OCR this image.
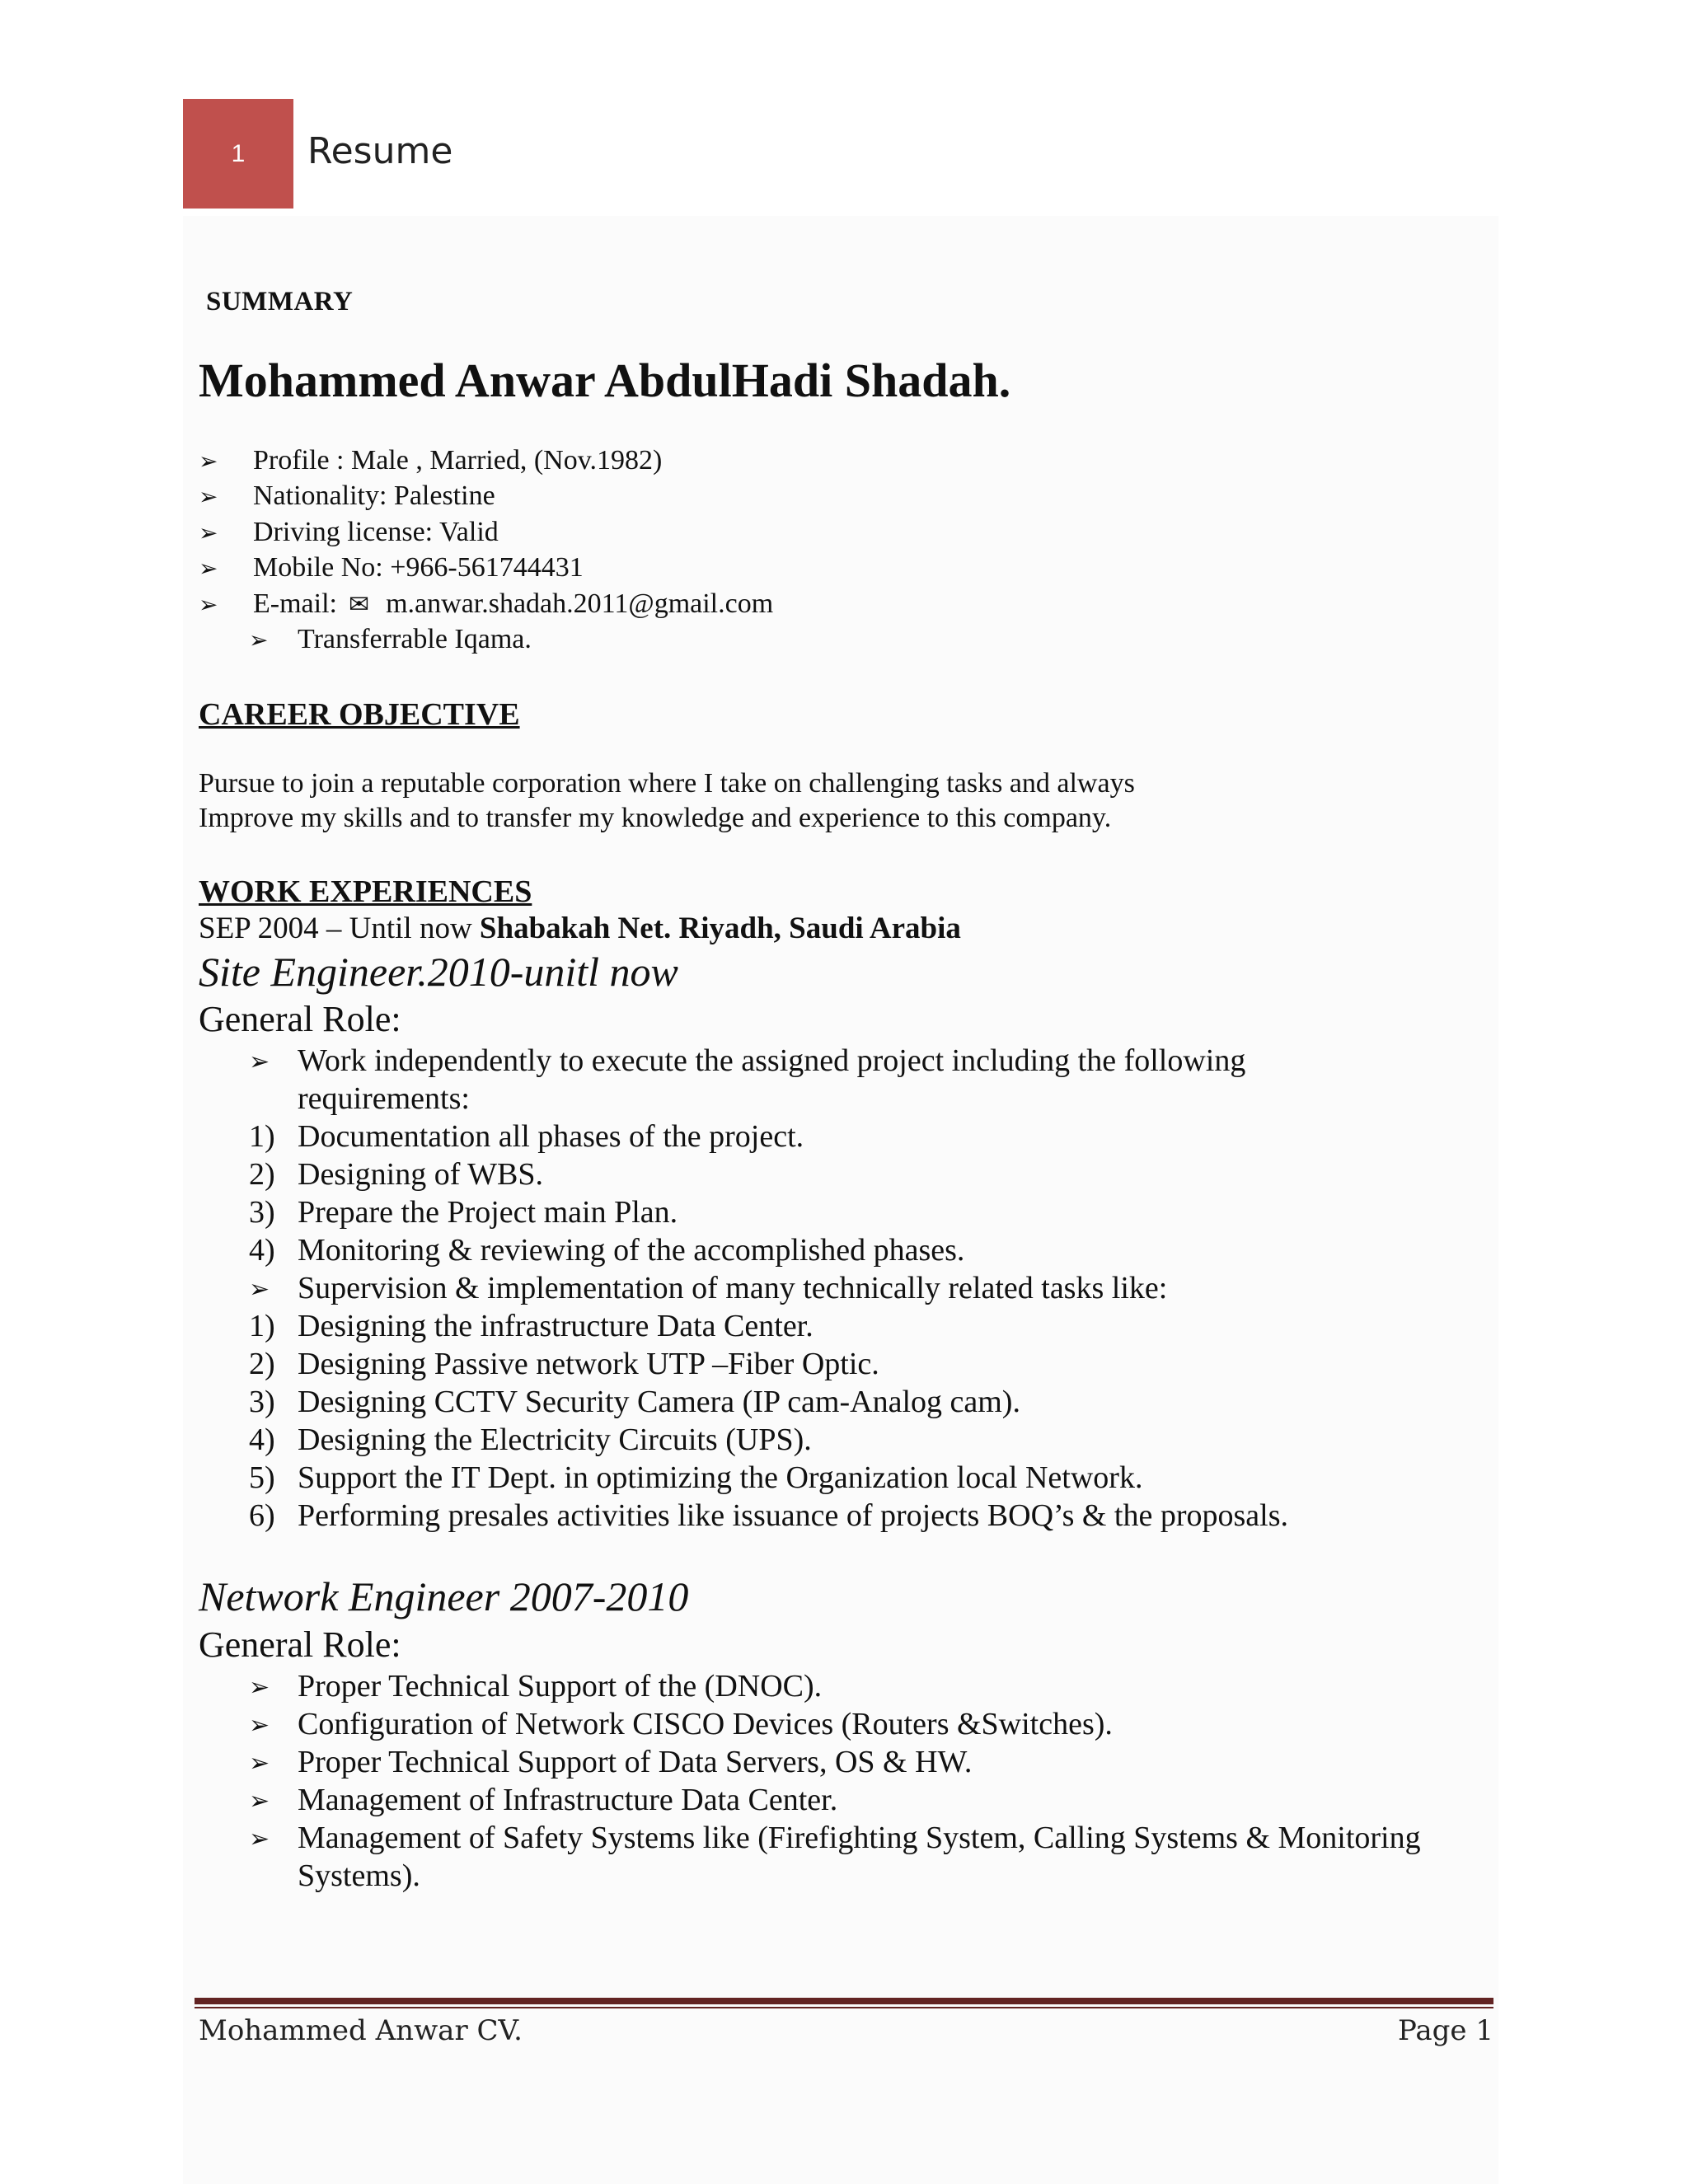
1	Resume
SUMMARY
Mohammed Anwar AbdulHadi Shadah.
Profile : Male , Married, (Nov.1982)
Nationality: Palestine
Driving license: Valid
Mobile No: +966-561744431
E-mail: ✉ m.anwar.shadah.2011@gmail.com
Transferrable Iqama.
CAREER OBJECTIVE
Pursue to join a reputable corporation where I take on challenging tasks and always
Improve my skills and to transfer my knowledge and experience to this company.
WORK EXPERIENCES
SEP 2004 – Until now Shabakah Net. Riyadh, Saudi Arabia
Site Engineer.2010-unitl now
General Role:
➢ Work independently to execute the assigned project including the following
requirements:
1) Documentation all phases of the project.
2) Designing of WBS.
3) Prepare the Project main Plan.
4) Monitoring & reviewing of the accomplished phases.
➢ Supervision & implementation of many technically related tasks like:
1) Designing the infrastructure Data Center.
2) Designing Passive network UTP –Fiber Optic.
3) Designing CCTV Security Camera (IP cam-Analog cam).
4) Designing the Electricity Circuits (UPS).
5) Support the IT Dept. in optimizing the Organization local Network.
6) Performing presales activities like issuance of projects BOQ’s & the proposals.
Network Engineer 2007-2010
General Role:
➢ Proper Technical Support of the (DNOC).
➢ Configuration of Network CISCO Devices (Routers &Switches).
➢ Proper Technical Support of Data Servers, OS & HW.
➢ Management of Infrastructure Data Center.
➢ Management of Safety Systems like (Firefighting System, Calling Systems & Monitoring
Systems).
Mohammed Anwar CV.	Page 1
